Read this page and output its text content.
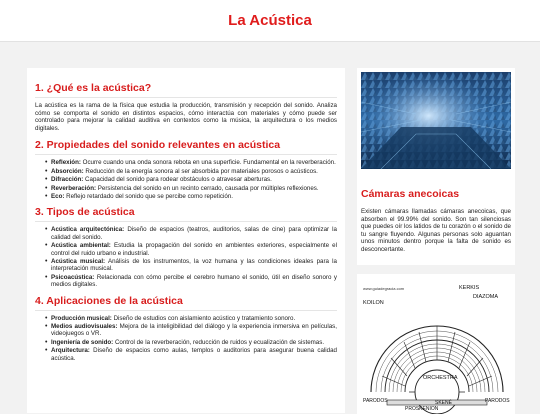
La Acústica
1. ¿Qué es la acústica?

La acústica es la rama de la física que estudia la producción, transmisión y recepción del sonido. Analiza cómo se comporta el sonido en distintos espacios, cómo interactúa con materiales y cómo puede ser controlado para mejorar la calidad auditiva en contextos como la música, la arquitectura o los medios digitales.

2. Propiedades del sonido relevantes en acústica
• Reflexión: Ocurre cuando una onda sonora rebota en una superficie. Fundamental en la reverberación.
• Absorción: Reducción de la energía sonora al ser absorbida por materiales porosos o acústicos.
• Difracción: Capacidad del sonido para rodear obstáculos o atravesar aberturas.
• Reverberación: Persistencia del sonido en un recinto cerrado, causada por múltiples reflexiones.
• Eco: Reflejo retardado del sonido que se percibe como repetición.
3. Tipos de acústica
• Acústica arquitectónica: Diseño de espacios (teatros, auditorios, salas de cine) para optimizar la calidad del sonido.
• Acústica ambiental: Estudia la propagación del sonido en ambientes exteriores, especialmente el control del ruido urbano e industrial.
• Acústica musical: Análisis de los instrumentos, la voz humana y las condiciones ideales para la interpretación musical.
• Psicoacústica: Relacionada con cómo percibe el cerebro humano el sonido, útil en diseño sonoro y medios digitales.
4. Aplicaciones de la acústica
• Producción musical: Diseño de estudios con aislamiento acústico y tratamiento sonoro.
• Medios audiovisuales: Mejora de la inteligibilidad del diálogo y la experiencia inmersiva en películas, videojuegos o VR.
• Ingeniería de sonido: Control de la reverberación, reducción de ruidos y ecualización de sistemas.
• Arquitectura: Diseño de espacios como aulas, templos o auditorios para asegurar buena calidad acústica.
Cámaras anecoicas

Existen cámaras llamadas cámaras anecoicas, que absorben el 99.99% del sonido. Son tan silenciosas que puedes oír los latidos de tu corazón o el sonido de tu sangre fluyendo. Algunas personas solo aguantan unos minutos dentro porque la falta de sonido es desconcertante.

www.guiadegracia.com	KERKIS
DIAZOMA
KOILON
ORCHESTRA
PARODOS	PARODOS
SKENÉ
PROSKENION
